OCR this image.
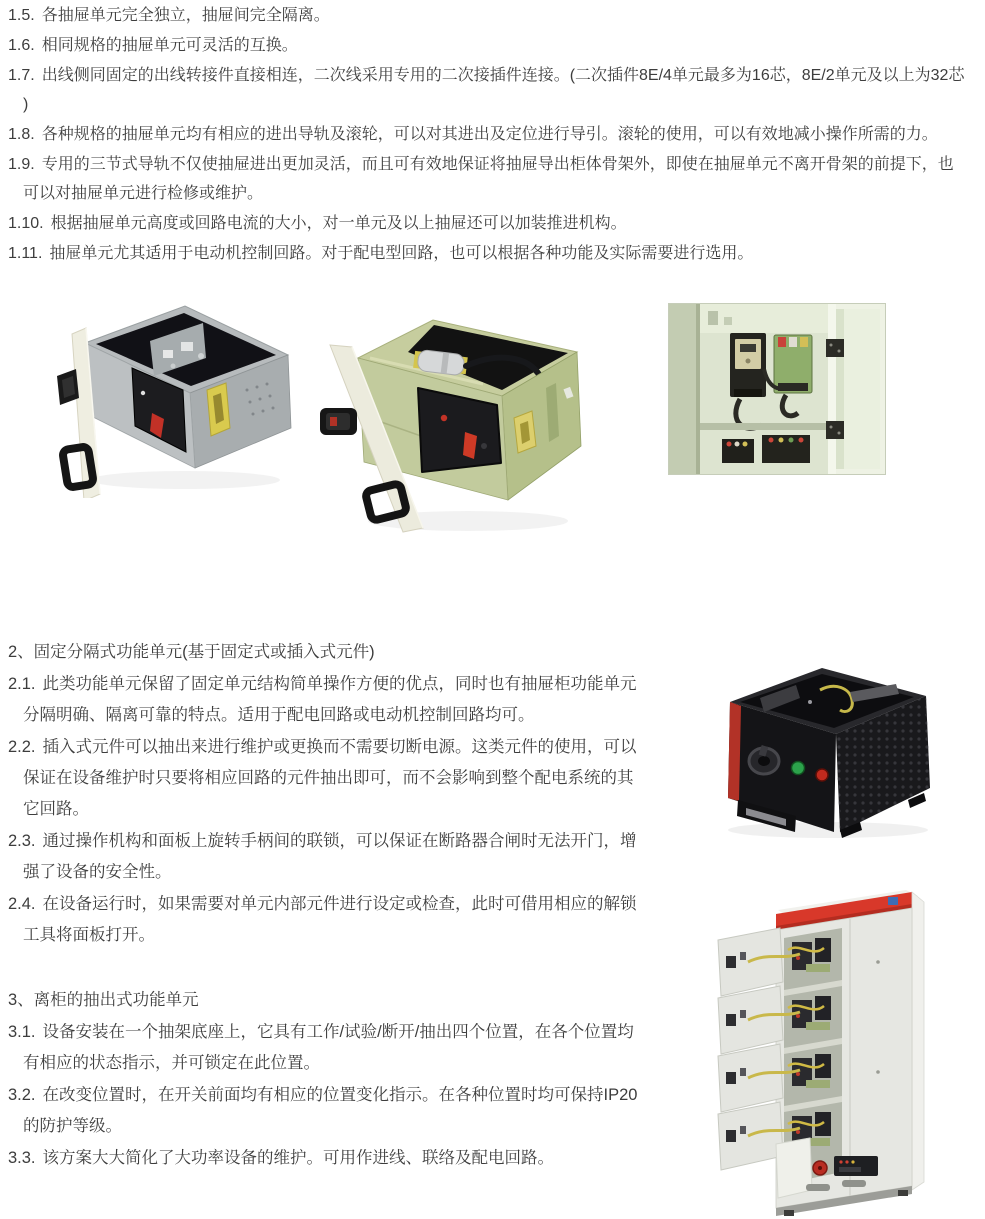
1.5. 各抽屉单元完全独立，抽屉间完全隔离。

1.6. 相同规格的抽屉单元可灵活的互换。

1.7. 出线侧同固定的出线转接件直接相连，二次线采用专用的二次接插件连接。(二次插件8E/4单元最多为16芯，8E/2单元及以上为32芯 )

1.8. 各种规格的抽屉单元均有相应的进出导轨及滚轮，可以对其进出及定位进行导引。滚轮的使用，可以有效地减小操作所需的力。

1.9. 专用的三节式导轨不仅使抽屉进出更加灵活，而且可有效地保证将抽屉导出柜体骨架外，即使在抽屉单元不离开骨架的前提下，也可以对抽屉单元进行检修或维护。

1.10. 根据抽屉单元高度或回路电流的大小，对一单元及以上抽屉还可以加装推进机构。

1.11. 抽屉单元尤其适用于电动机控制回路。对于配电型回路，也可以根据各种功能及实际需要进行选用。

2、固定分隔式功能单元(基于固定式或插入式元件)

2.1. 此类功能单元保留了固定单元结构简单操作方便的优点，同时也有抽屉柜功能单元分隔明确、隔离可靠的特点。适用于配电回路或电动机控制回路均可。

2.2. 插入式元件可以抽出来进行维护或更换而不需要切断电源。这类元件的使用，可以保证在设备维护时只要将相应回路的元件抽出即可，而不会影响到整个配电系统的其它回路。

2.3. 通过操作机构和面板上旋转手柄间的联锁，可以保证在断路器合闸时无法开门，增强了设备的安全性。

2.4. 在设备运行时，如果需要对单元内部元件进行设定或检查，此时可借用相应的解锁工具将面板打开。

3、离柜的抽出式功能单元

3.1. 设备安装在一个抽架底座上，它具有工作/试验/断开/抽出四个位置，在各个位置均有相应的状态指示，并可锁定在此位置。

3.2. 在改变位置时，在开关前面均有相应的位置变化指示。在各种位置时均可保持IP20的防护等级。

3.3. 该方案大大简化了大功率设备的维护。可用作进线、联络及配电回路。
